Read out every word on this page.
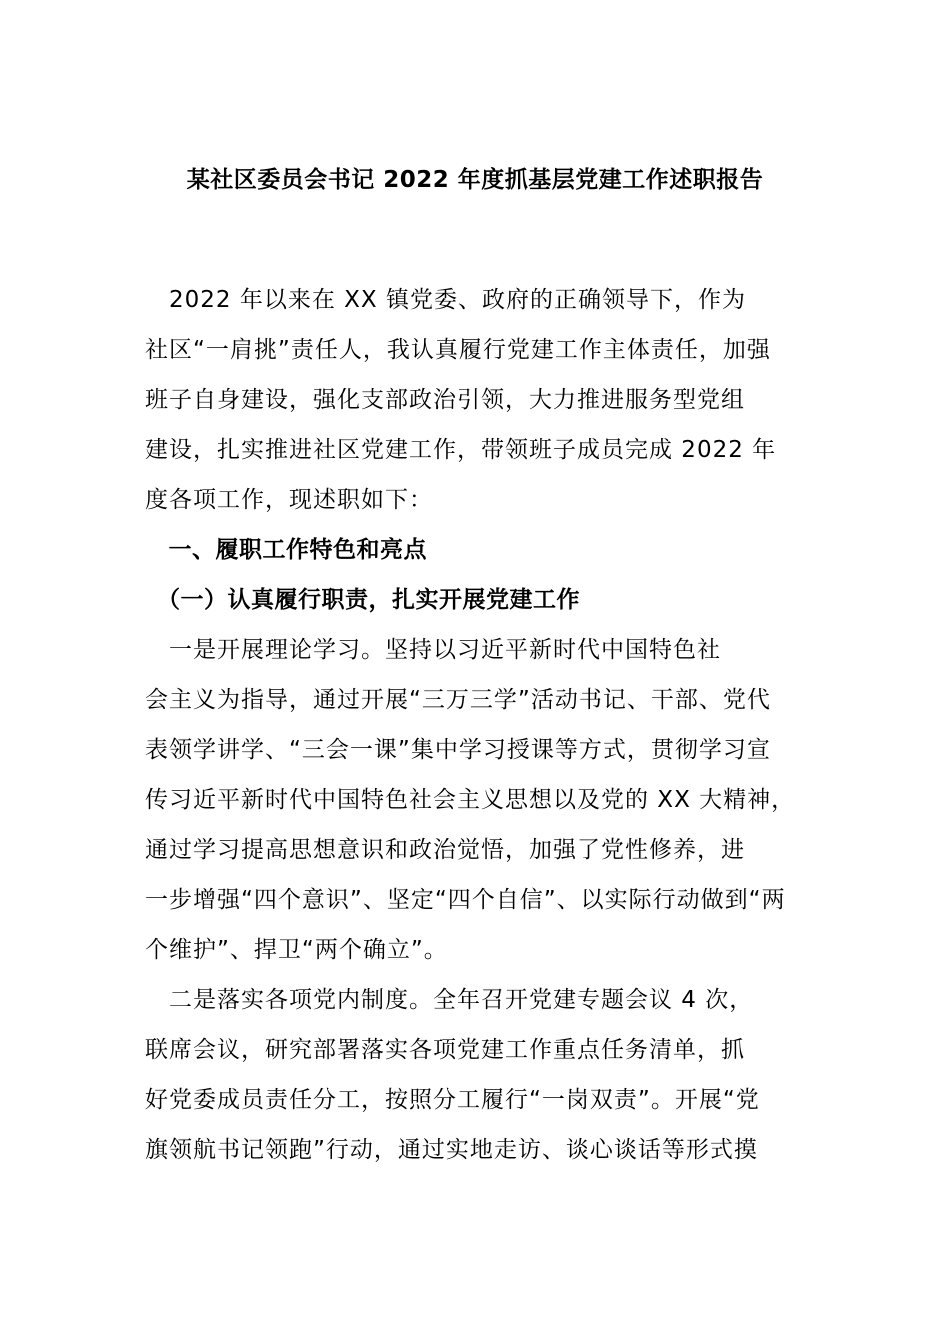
某社区委员会书记 2022 年度抓基层党建工作述职报告
　2022 年以来在 XX 镇党委、政府的正确领导下，作为
社区“一肩挑”责任人，我认真履行党建工作主体责任，加强
班子自身建设，强化支部政治引领，大力推进服务型党组
建设，扎实推进社区党建工作，带领班子成员完成 2022 年
度各项工作，现述职如下：
　一、履职工作特色和亮点
　（一）认真履行职责，扎实开展党建工作
　一是开展理论学习。坚持以习近平新时代中国特色社
会主义为指导，通过开展“三万三学”活动书记、干部、党代
表领学讲学、“三会一课”集中学习授课等方式，贯彻学习宣
传习近平新时代中国特色社会主义思想以及党的 XX 大精神，
通过学习提高思想意识和政治觉悟，加强了党性修养，进
一步增强“四个意识”、坚定“四个自信”、以实际行动做到“两
个维护”、捍卫“两个确立”。
　二是落实各项党内制度。全年召开党建专题会议 4 次，
联席会议，研究部署落实各项党建工作重点任务清单，抓
好党委成员责任分工，按照分工履行“一岗双责”。开展“党
旗领航书记领跑”行动，通过实地走访、谈心谈话等形式摸
